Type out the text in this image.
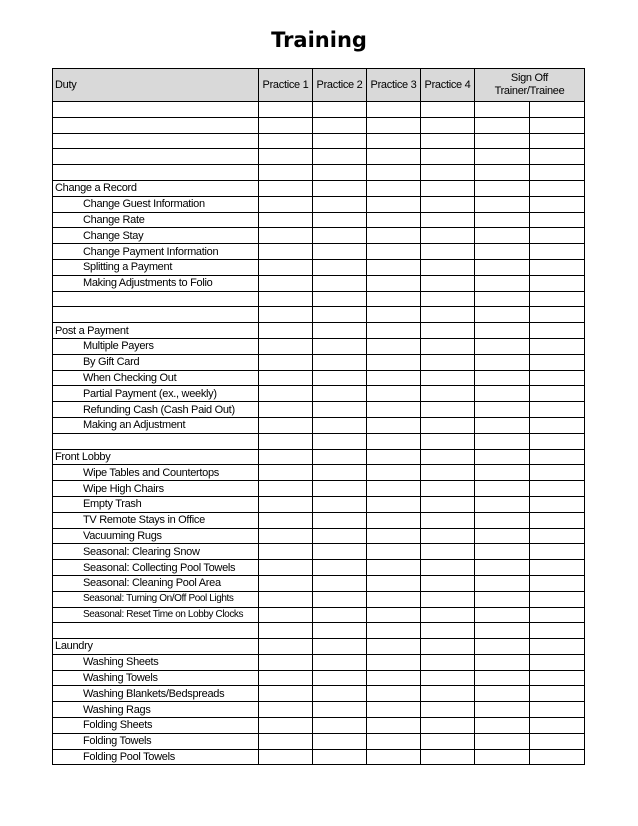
Training
Duty	Practice 1	Practice 2	Practice 3	Practice 4	Sign Off
Trainer/Trainee	

Change a Record						
Change Guest Information						
Change Rate						
Change Stay						
Change Payment Information						
Splitting a Payment						
Making Adjustments to Folio						

Post a Payment						
Multiple Payers						
By Gift Card						
When Checking Out						
Partial Payment (ex., weekly)						
Refunding Cash (Cash Paid Out)						
Making an Adjustment						

Front Lobby						
Wipe Tables and Countertops						
Wipe High Chairs						
Empty Trash						
TV Remote Stays in Office						
Vacuuming Rugs						
Seasonal: Clearing Snow						
Seasonal: Collecting Pool Towels						
Seasonal: Cleaning Pool Area						
Seasonal: Turning On/Off Pool Lights						
Seasonal: Reset Time on Lobby Clocks						

Laundry						
Washing Sheets						
Washing Towels						
Washing Blankets/Bedspreads						
Washing Rags						
Folding Sheets						
Folding Towels						
Folding Pool Towels						
